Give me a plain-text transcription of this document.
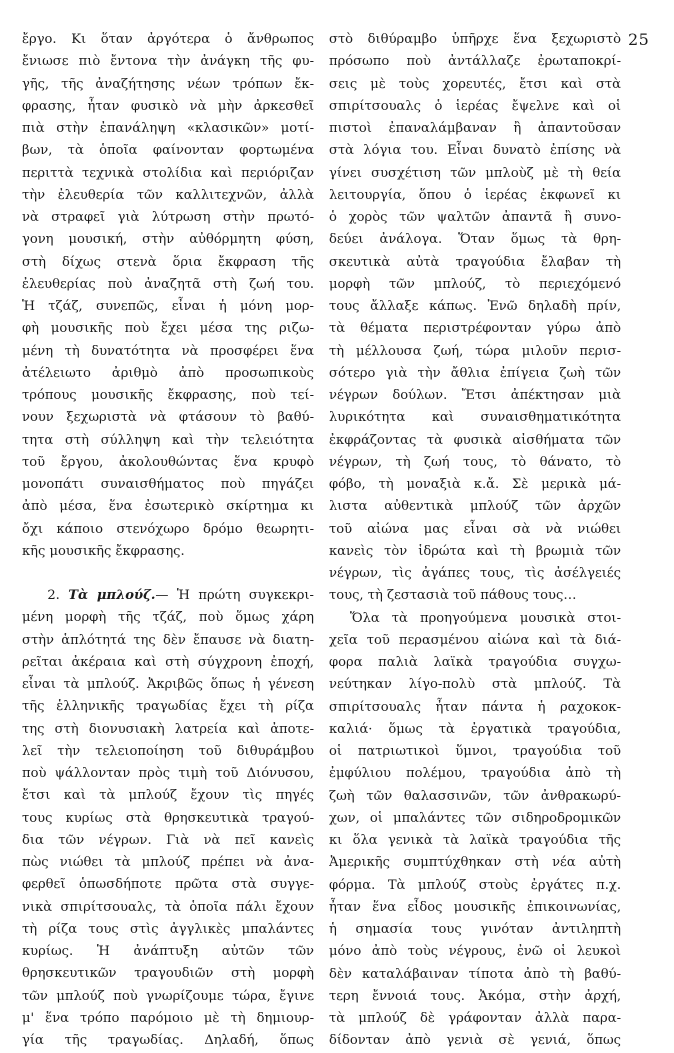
25
ἔργο. Κι ὅταν ἀργότερα ὁ ἄνθρωπος
ἔνιωσε πιὸ ἔντονα τὴν ἀνάγκη τῆς φυ-
γῆς, τῆς ἀναζήτησης νέων τρόπων ἔκ-
φρασης, ἦταν φυσικὸ νὰ μὴν ἀρκεσθεῖ
πιὰ στὴν ἐπανάληψη «κλασικῶν» μοτί-
βων, τὰ ὁποῖα φαίνονταν φορτωμένα
περιττὰ τεχνικὰ στολίδια καὶ περιόριζαν
τὴν ἐλευθερία τῶν καλλιτεχνῶν, ἀλλὰ
νὰ στραφεῖ γιὰ λύτρωση στὴν πρωτό-
γονη μουσική, στὴν αὐθόρμητη φύση,
στὴ δίχως στενὰ ὅρια ἔκφραση τῆς
ἐλευθερίας ποὺ ἀναζητᾶ στὴ ζωή του.
Ἡ τζάζ, συνεπῶς, εἶναι ἡ μόνη μορ-
φὴ μουσικῆς ποὺ ἔχει μέσα της ριζω-
μένη τὴ δυνατότητα νὰ προσφέρει ἕνα
ἀτέλειωτο ἀριθμὸ ἀπὸ προσωπικοὺς
τρόπους μουσικῆς ἔκφρασης, ποὺ τεί-
νουν ξεχωριστὰ νὰ φτάσουν τὸ βαθύ-
τητα στὴ σύλληψη καὶ τὴν τελειότητα
τοῦ ἔργου, ἀκολουθώντας ἕνα κρυφὸ
μονοπάτι συναισθήματος ποὺ πηγάζει
ἀπὸ μέσα, ἕνα ἐσωτερικὸ σκίρτημα κι
ὄχι κάποιο στενόχωρο δρόμο θεωρητι-
κῆς μουσικῆς ἔκφρασης.
2. Τὰ μπλούζ.— Ἡ πρώτη συγκεκρι-
μένη μορφὴ τῆς τζάζ, ποὺ ὅμως χάρη
στὴν ἁπλότητά της δὲν ἔπαυσε νὰ διατη-
ρεῖται ἀκέραια καὶ στὴ σύγχρονη ἐποχή,
εἶναι τὰ μπλούζ. Ἀκριβῶς ὅπως ἡ γένεση
τῆς ἑλληνικῆς τραγωδίας ἔχει τὴ ρίζα
της στὴ διονυσιακὴ λατρεία καὶ ἀποτε-
λεῖ τὴν τελειοποίηση τοῦ διθυράμβου
ποὺ ψάλλονταν πρὸς τιμὴ τοῦ Διόνυσου,
ἔτσι καὶ τὰ μπλούζ ἔχουν τὶς πηγές
τους κυρίως στὰ θρησκευτικὰ τραγού-
δια τῶν νέγρων. Γιὰ νὰ πεῖ κανεὶς
πὼς νιώθει τὰ μπλούζ πρέπει νὰ ἀνα-
φερθεῖ ὁπωσδήποτε πρῶτα στὰ συγγε-
νικὰ σπιρίτσουαλς, τὰ ὁποῖα πάλι ἔχουν
τὴ ρίζα τους στὶς ἀγγλικὲς μπαλάντες
κυρίως. Ἡ ἀνάπτυξη αὐτῶν τῶν
θρησκευτικῶν τραγουδιῶν στὴ μορφὴ
τῶν μπλούζ ποὺ γνωρίζουμε τώρα, ἔγινε
μ' ἕνα τρόπο παρόμοιο μὲ τὴ δημιουρ-
γία τῆς τραγωδίας. Δηλαδή, ὅπως
στὸ διθύραμβο ὑπῆρχε ἕνα ξεχωριστὸ
πρόσωπο ποὺ ἀντάλλαζε ἐρωταποκρί-
σεις μὲ τοὺς χορευτές, ἔτσι καὶ στὰ
σπιρίτσουαλς ὁ ἱερέας ἔψελνε καὶ οἱ
πιστοὶ ἐπαναλάμβαναν ἢ ἀπαντοῦσαν
στὰ λόγια του. Εἶναι δυνατὸ ἐπίσης νὰ
γίνει συσχέτιση τῶν μπλοὺζ μὲ τὴ θεία
λειτουργία, ὅπου ὁ ἱερέας ἐκφωνεῖ κι
ὁ χορὸς τῶν ψαλτῶν ἀπαντᾶ ἢ συνο-
δεύει ἀνάλογα. Ὅταν ὅμως τὰ θρη-
σκευτικὰ αὐτὰ τραγούδια ἔλαβαν τὴ
μορφὴ τῶν μπλούζ, τὸ περιεχόμενό
τους ἄλλαξε κάπως. Ἐνῶ δηλαδὴ πρίν,
τὰ θέματα περιστρέφονταν γύρω ἀπὸ
τὴ μέλλουσα ζωή, τώρα μιλοῦν περισ-
σότερο γιὰ τὴν ἄθλια ἐπίγεια ζωὴ τῶν
νέγρων δούλων. Ἔτσι ἀπέκτησαν μιὰ
λυρικότητα καὶ συναισθηματικότητα
ἐκφράζοντας τὰ φυσικὰ αἰσθήματα τῶν
νέγρων, τὴ ζωή τους, τὸ θάνατο, τὸ
φόβο, τὴ μοναξιὰ κ.ἄ. Σὲ μερικὰ μά-
λιστα αὐθεντικὰ μπλούζ τῶν ἀρχῶν
τοῦ αἰώνα μας εἶναι σὰ νὰ νιώθει
κανεὶς τὸν ἱδρώτα καὶ τὴ βρωμιὰ τῶν
νέγρων, τὶς ἀγάπες τους, τὶς ἀσέλγειές
τους, τὴ ζεστασιὰ τοῦ πάθους τους…
Ὅλα τὰ προηγούμενα μουσικὰ στοι-
χεῖα τοῦ περασμένου αἰώνα καὶ τὰ διά-
φορα παλιὰ λαϊκὰ τραγούδια συγχω-
νεύτηκαν λίγο-πολὺ στὰ μπλούζ. Τὰ
σπιρίτσουαλς ἦταν πάντα ἡ ραχοκοκ-
καλιά· ὅμως τὰ ἐργατικὰ τραγούδια,
οἱ πατριωτικοὶ ὕμνοι, τραγούδια τοῦ
ἐμφύλιου πολέμου, τραγούδια ἀπὸ τὴ
ζωὴ τῶν θαλασσινῶν, τῶν ἀνθρακωρύ-
χων, οἱ μπαλάντες τῶν σιδηροδρομικῶν
κι ὅλα γενικὰ τὰ λαϊκὰ τραγούδια τῆς
Ἀμερικῆς συμπτύχθηκαν στὴ νέα αὐτὴ
φόρμα. Τὰ μπλούζ στοὺς ἐργάτες π.χ.
ἦταν ἕνα εἶδος μουσικῆς ἐπικοινωνίας,
ἡ σημασία τους γινόταν ἀντιληπτὴ
μόνο ἀπὸ τοὺς νέγρους, ἐνῶ οἱ λευκοὶ
δὲν καταλάβαιναν τίποτα ἀπὸ τὴ βαθύ-
τερη ἔννοιά τους. Ἀκόμα, στὴν ἀρχή,
τὰ μπλούζ δὲ γράφονταν ἀλλὰ παρα-
δίδονταν ἀπὸ γενιὰ σὲ γενιά, ὅπως
